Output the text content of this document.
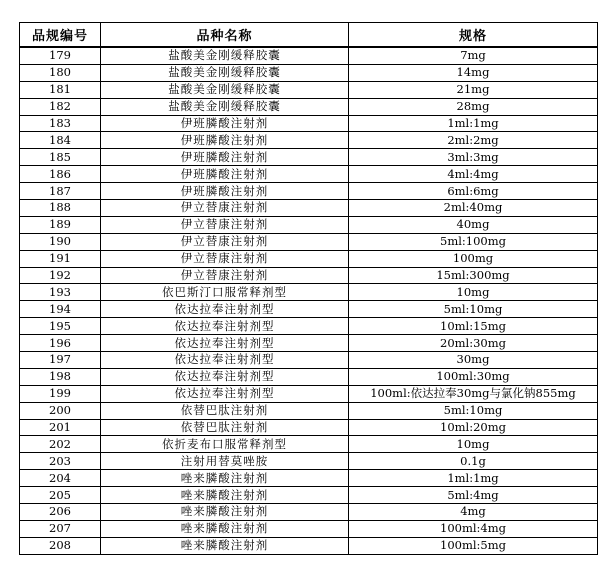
品规编号	品种名称	规格
179	盐酸美金刚缓释胶囊	7mg
180	盐酸美金刚缓释胶囊	14mg
181	盐酸美金刚缓释胶囊	21mg
182	盐酸美金刚缓释胶囊	28mg
183	伊班膦酸注射剂	1ml:1mg
184	伊班膦酸注射剂	2ml:2mg
185	伊班膦酸注射剂	3ml:3mg
186	伊班膦酸注射剂	4ml:4mg
187	伊班膦酸注射剂	6ml:6mg
188	伊立替康注射剂	2ml:40mg
189	伊立替康注射剂	40mg
190	伊立替康注射剂	5ml:100mg
191	伊立替康注射剂	100mg
192	伊立替康注射剂	15ml:300mg
193	依巴斯汀口服常释剂型	10mg
194	依达拉奉注射剂型	5ml:10mg
195	依达拉奉注射剂型	10ml:15mg
196	依达拉奉注射剂型	20ml:30mg
197	依达拉奉注射剂型	30mg
198	依达拉奉注射剂型	100ml:30mg
199	依达拉奉注射剂型	100ml:依达拉奉30mg与氯化钠855mg
200	依替巴肽注射剂	5ml:10mg
201	依替巴肽注射剂	10ml:20mg
202	依折麦布口服常释剂型	10mg
203	注射用替莫唑胺	0.1g
204	唑来膦酸注射剂	1ml:1mg
205	唑来膦酸注射剂	5ml:4mg
206	唑来膦酸注射剂	4mg
207	唑来膦酸注射剂	100ml:4mg
208	唑来膦酸注射剂	100ml:5mg
